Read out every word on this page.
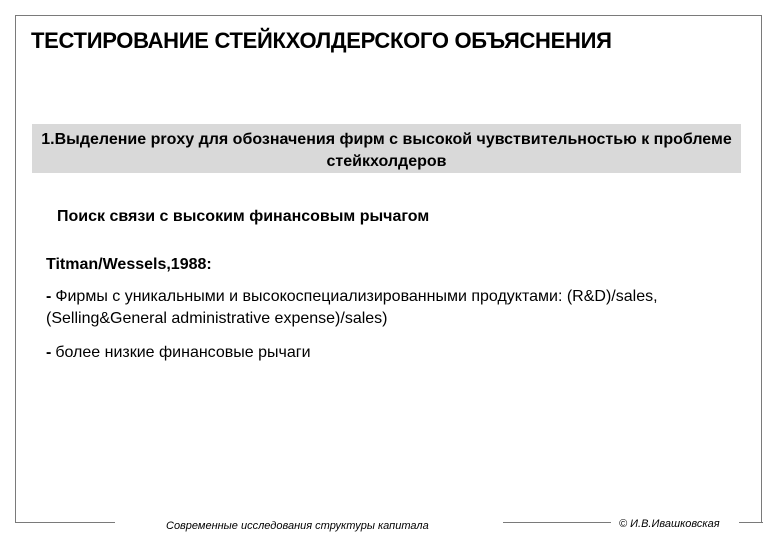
ТЕСТИРОВАНИЕ СТЕЙКХОЛДЕРСКОГО ОБЪЯСНЕНИЯ
1.Выделение proxy для обозначения фирм с высокой чувствительностью к проблеме стейкхолдеров
Поиск связи с высоким финансовым рычагом
Titman/Wessels,1988:
- Фирмы с уникальными и высокоспециализированными продуктами: (R&D)/sales, (Selling&General administrative expense)/sales)
- более низкие финансовые рычаги
Современные исследования структуры капитала	© И.В.Ивашковская
